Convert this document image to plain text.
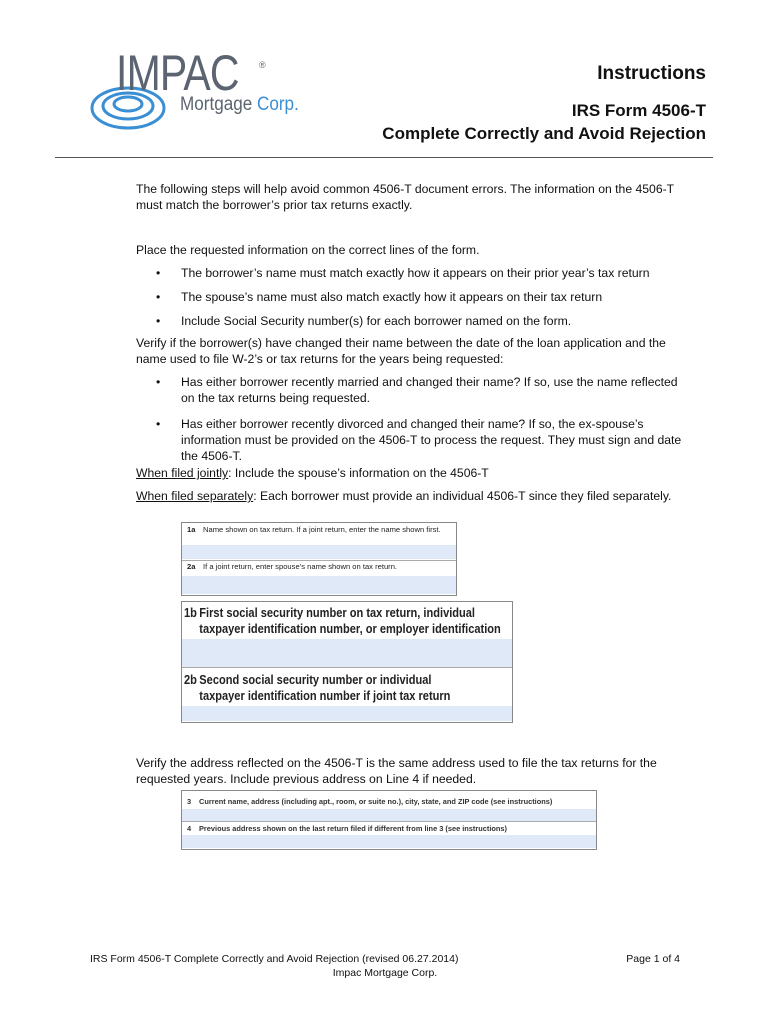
IMPAC ®
Mortgage Corp.
Instructions
IRS Form 4506-T
Complete Correctly and Avoid Rejection
The following steps will help avoid common 4506-T document errors. The information on the 4506-T must match the borrower’s prior tax returns exactly.
Place the requested information on the correct lines of the form.
• The borrower’s name must match exactly how it appears on their prior year’s tax return
• The spouse’s name must also match exactly how it appears on their tax return
• Include Social Security number(s) for each borrower named on the form.
Verify if the borrower(s) have changed their name between the date of the loan application and the name used to file W-2’s or tax returns for the years being requested:
• Has either borrower recently married and changed their name? If so, use the name reflected on the tax returns being requested.
• Has either borrower recently divorced and changed their name? If so, the ex-spouse’s information must be provided on the 4506-T to process the request. They must sign and date the 4506-T.
When filed jointly: Include the spouse’s information on the 4506-T
When filed separately: Each borrower must provide an individual 4506-T since they filed separately.
1a Name shown on tax return. If a joint return, enter the name shown first.
2a If a joint return, enter spouse’s name shown on tax return.
1b First social security number on tax return, individual taxpayer identification number, or employer identification
2b Second social security number or individual taxpayer identification number if joint tax return
Verify the address reflected on the 4506-T is the same address used to file the tax returns for the requested years. Include previous address on Line 4 if needed.
3 Current name, address (including apt., room, or suite no.), city, state, and ZIP code (see instructions)
4 Previous address shown on the last return filed if different from line 3 (see instructions)
IRS Form 4506-T Complete Correctly and Avoid Rejection (revised 06.27.2014)
Impac Mortgage Corp.
Page 1 of 4
